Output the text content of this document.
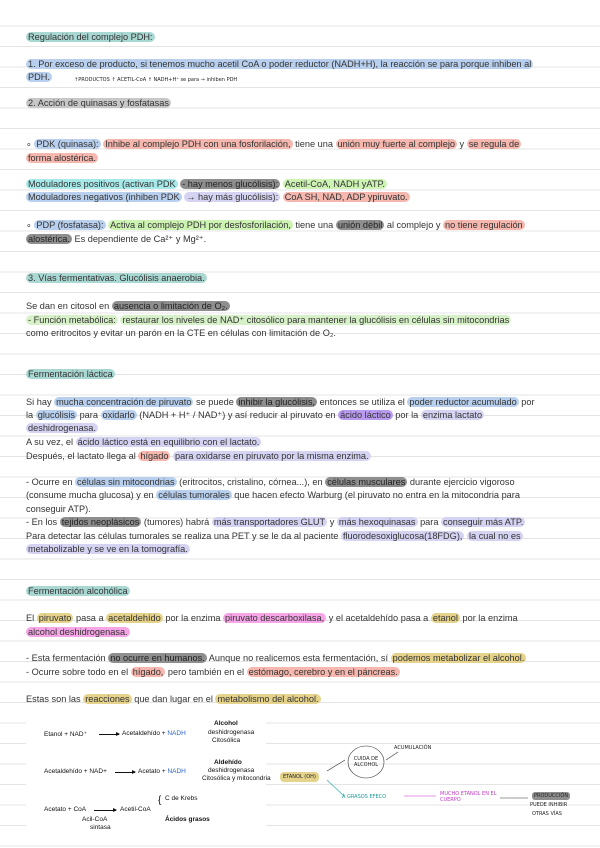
Regulación del complejo PDH:
1. Por exceso de producto, si tenemos mucho acetil CoA o poder reductor (NADH+H), la reacción se para porque inhiben al
PDH.	↑PRODUCTOS ↑ ACETIL-CoA ↑ NADH+H⁺ se para → inhiben PDH
2. Acción de quinasas y fosfatasas
∘ PDK (quinasa): Inhibe al complejo PDH con una fosforilación, tiene una unión muy fuerte al complejo y se regula de
forma alostérica.
Moduladores positivos (activan PDK - hay menos glucólisis): Acetil-CoA, NADH yATP.
Moduladores negativos (inhiben PDK → hay más glucólisis): CoA SH, NAD, ADP ypiruvato.
∘ PDP (fosfatasa): Activa al complejo PDH por desfosforilación, tiene una unión débil al complejo y no tiene regulación
alostérica. Es dependiente de Ca²⁺ y Mg²⁺.
3. Vías fermentativas. Glucólisis anaerobia.
Se dan en citosol en ausencia o limitación de O₂.
- Función metabólica: restaurar los niveles de NAD⁺ citosólico para mantener la glucólisis en células sin mitocondrias
como eritrocitos y evitar un parón en la CTE en células con limitación de O₂.
Fermentación láctica
Si hay mucha concentración de piruvato se puede inhibir la glucólisis, entonces se utiliza el poder reductor acumulado por
la glucólisis para oxidarlo (NADH + H⁺ / NAD⁺) y así reducir al piruvato en ácido láctico por la enzima lactato
deshidrogenasa.
A su vez, el ácido láctico está en equilibrio con el lactato.
Después, el lactato llega al hígado para oxidarse en piruvato por la misma enzima.
- Ocurre en células sin mitocondrias (eritrocitos, cristalino, córnea...), en células musculares durante ejercicio vigoroso
(consume mucha glucosa) y en células tumorales que hacen efecto Warburg (el piruvato no entra en la mitocondria para
conseguir ATP).
- En los tejidos neoplásicos (tumores) habrá más transportadores GLUT y más hexoquinasas para conseguir más ATP.
Para detectar las células tumorales se realiza una PET y se le da al paciente fluorodesoxiglucosa(18FDG), la cual no es
metabolizable y se ve en la tomografía.
Fermentación alcohólica
El piruvato pasa a acetaldehído por la enzima piruvato descarboxilasa, y el acetaldehído pasa a etanol por la enzima
alcohol deshidrogenasa.
- Esta fermentación no ocurre en humanos. Aunque no realicemos esta fermentación, sí podemos metabolizar el alcohol.
- Ocurre sobre todo en el hígado, pero también en el estómago, cerebro y en el páncreas.
Estas son las reacciones que dan lugar en el metabolismo del alcohol.
Etanol + NAD⁺ → Acetaldehído + NADH
Alcohol
deshidrogenasa
Citosólica
Acetaldehído + NAD+ → Acetato + NADH
Aldehído
deshidrogenasa
Citosólica y mitocondria
Acetato + CoA → Acetil-CoA
{ C de Krebs
Ácidos grasos
Acil-CoA
sintasa
ETANOL (OH)
CUIDA DE ALCOHOL
ACUMULACIÓN
Á GRASOS EFECO	MUCHO ETANOL EN EL CUERPO
PRODUCCIÓN
PUEDE INHIBIR
OTRAS VÍAS
